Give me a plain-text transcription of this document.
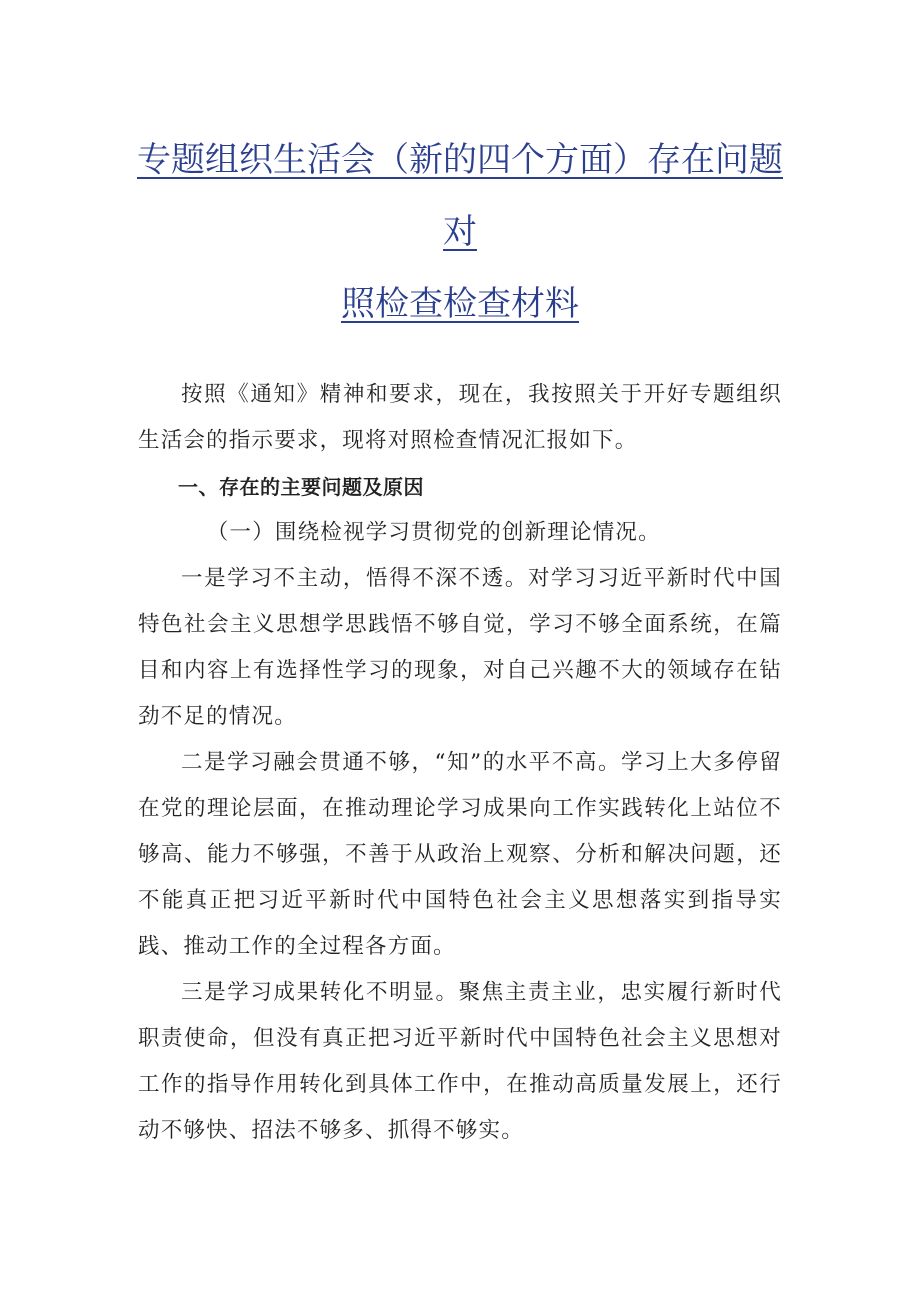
专题组织生活会（新的四个方面）存在问题
对
照检查检查材料

按照《通知》精神和要求，现在，我按照关于开好专题组织生活会的指示要求，现将对照检查情况汇报如下。

一、存在的主要问题及原因

（一）围绕检视学习贯彻党的创新理论情况。

一是学习不主动，悟得不深不透。对学习习近平新时代中国特色社会主义思想学思践悟不够自觉，学习不够全面系统，在篇目和内容上有选择性学习的现象，对自己兴趣不大的领域存在钻劲不足的情况。

二是学习融会贯通不够，“知”的水平不高。学习上大多停留在党的理论层面，在推动理论学习成果向工作实践转化上站位不够高、能力不够强，不善于从政治上观察、分析和解决问题，还不能真正把习近平新时代中国特色社会主义思想落实到指导实践、推动工作的全过程各方面。

三是学习成果转化不明显。聚焦主责主业，忠实履行新时代职责使命，但没有真正把习近平新时代中国特色社会主义思想对工作的指导作用转化到具体工作中，在推动高质量发展上，还行动不够快、招法不够多、抓得不够实。
